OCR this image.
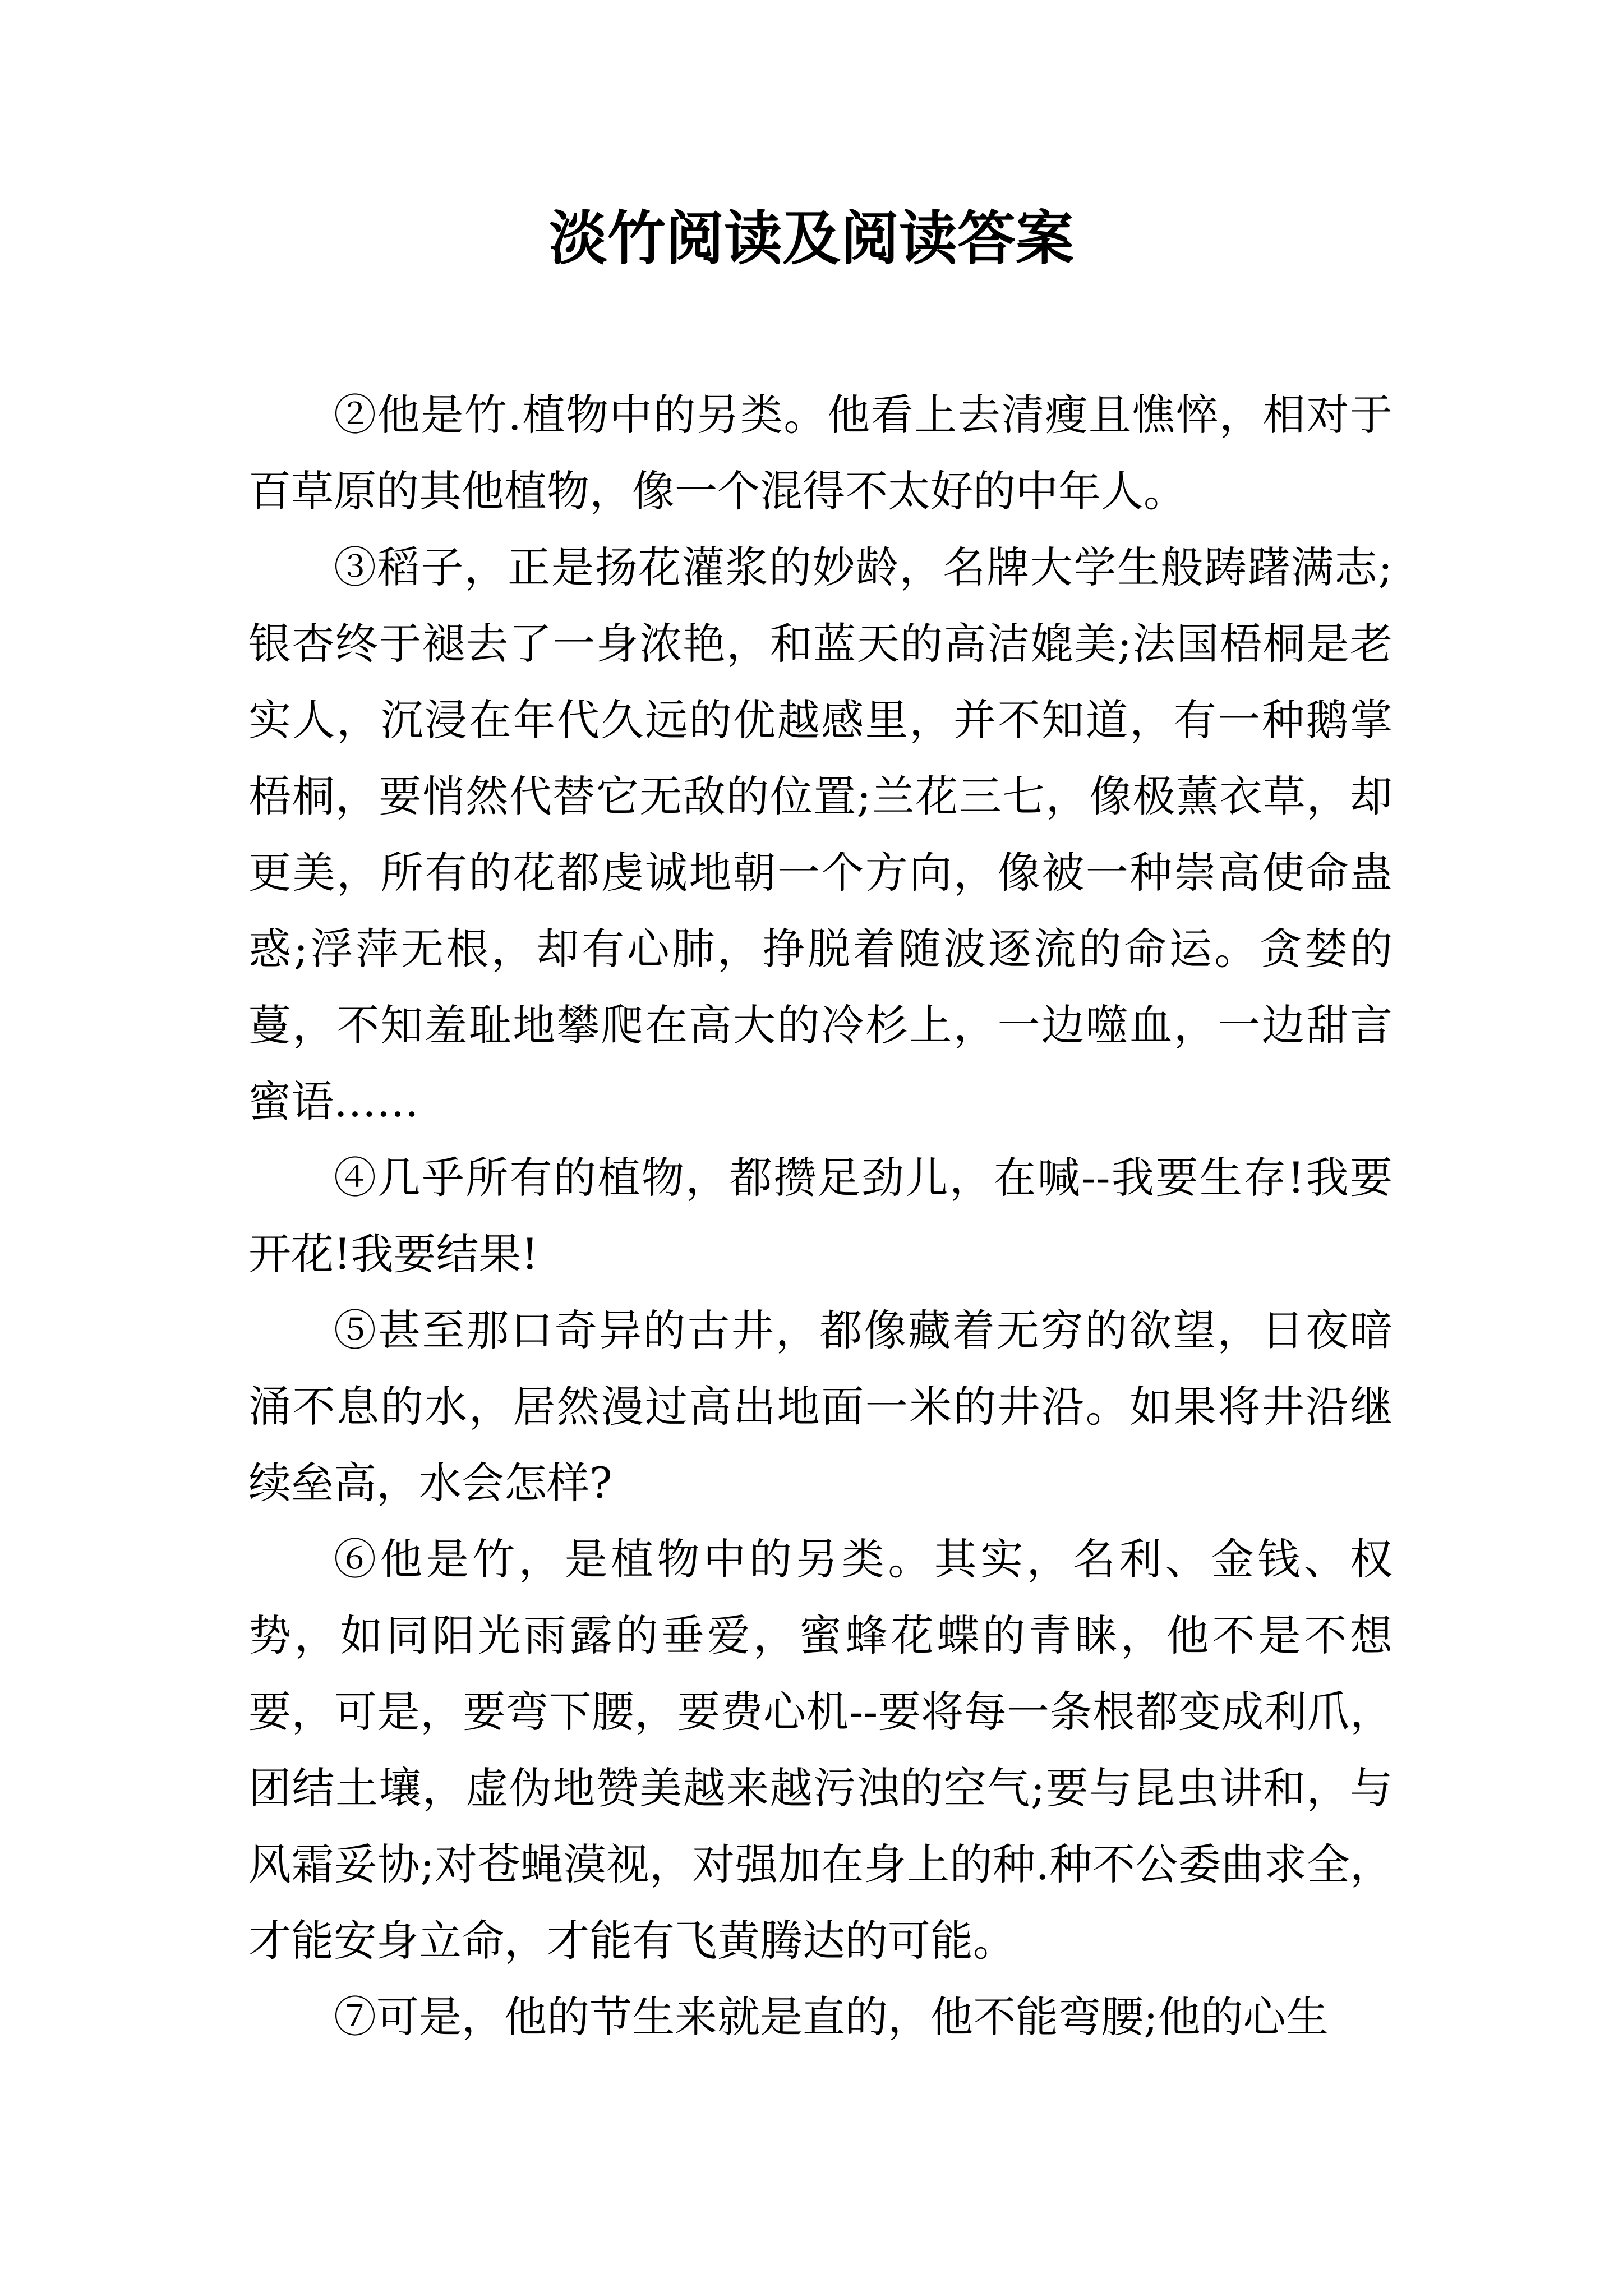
淡竹阅读及阅读答案

②他是竹.植物中的另类。他看上去清瘦且憔悴，相对于百草原的其他植物，像一个混得不太好的中年人。

③稻子，正是扬花灌浆的妙龄，名牌大学生般踌躇满志;银杏终于褪去了一身浓艳，和蓝天的高洁媲美;法国梧桐是老实人，沉浸在年代久远的优越感里，并不知道，有一种鹅掌梧桐，要悄然代替它无敌的位置;兰花三七，像极薰衣草，却更美，所有的花都虔诚地朝一个方向，像被一种崇高使命蛊惑;浮萍无根，却有心肺，挣脱着随波逐流的命运。贪婪的蔓，不知羞耻地攀爬在高大的冷杉上，一边噬血，一边甜言蜜语……

④几乎所有的植物，都攒足劲儿，在喊--我要生存!我要开花!我要结果!

⑤甚至那口奇异的古井，都像藏着无穷的欲望，日夜暗涌不息的水，居然漫过高出地面一米的井沿。如果将井沿继续垒高，水会怎样?

⑥他是竹，是植物中的另类。其实，名利、金钱、权势，如同阳光雨露的垂爱，蜜蜂花蝶的青睐，他不是不想要，可是，要弯下腰，要费心机--要将每一条根都变成利爪，团结土壤，虚伪地赞美越来越污浊的空气;要与昆虫讲和，与风霜妥协;对苍蝇漠视，对强加在身上的种.种不公委曲求全，才能安身立命，才能有飞黄腾达的可能。

⑦可是，他的节生来就是直的，他不能弯腰;他的心生
